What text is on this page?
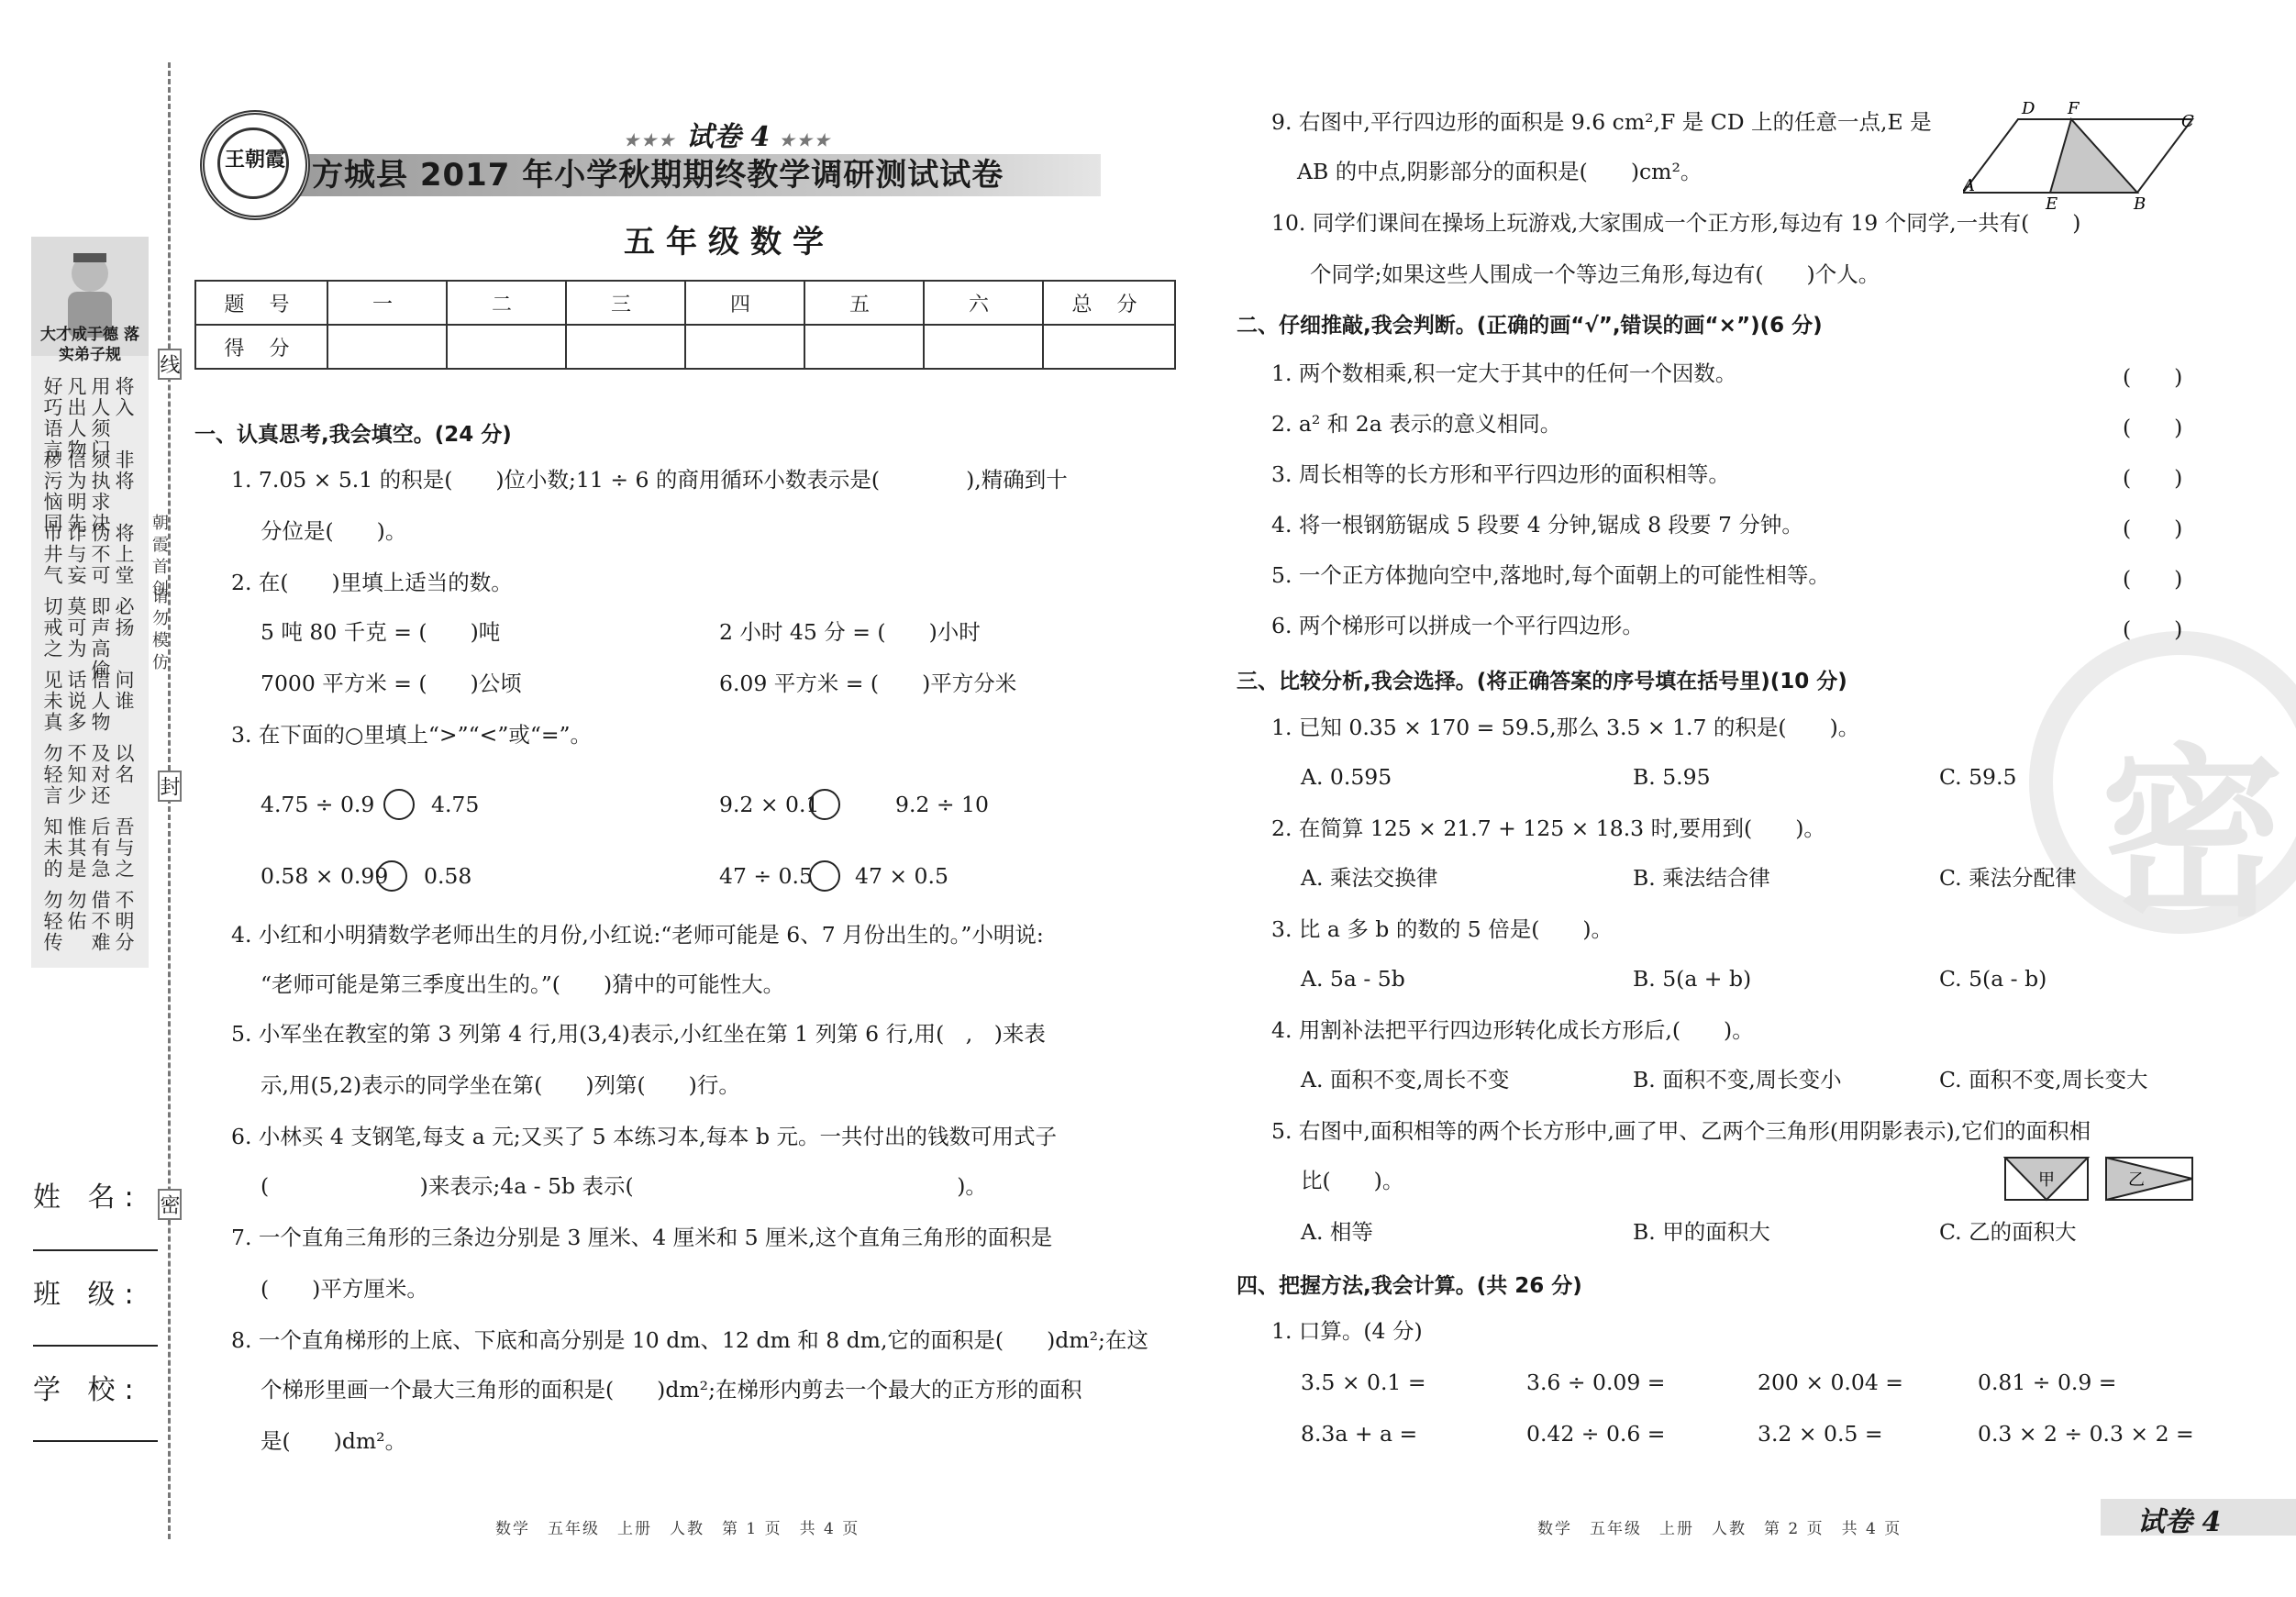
线
封
密
朝霞首创
请勿模仿
大才成于德 落实弟子规
好巧语言 凡出人物 用人须门 将入
秽污恼同 信为明先 须执求决 非将
市井气 诈与妄 伪不可 将上堂
切戒之 莫可为 即声高偷 必扬
见未真 话说多 信人物 问谁
勿轻言 不知少 及对还 以名
知未的 惟其是 后有急 吾与之
勿轻传 勿佑 借不难 不明分
姓 名:
班 级:
学 校:
王朝霞
★★★ 试卷 4 ★★★
方城县 2017 年小学秋期期终教学调研测试试卷
五年级数学
题 号	一	二	三	四	五	六	总 分
得 分							
一、认真思考,我会填空。(24 分)
1. 7.05 × 5.1 的积是(　　)位小数;11 ÷ 6 的商用循环小数表示是(　　　　),精确到十
分位是(　　)。
2. 在(　　)里填上适当的数。
5 吨 80 千克 = (　　)吨	2 小时 45 分 = (　　)小时
7000 平方米 = (　　)公顷	6.09 平方米 = (　　)平方分米
3. 在下面的○里填上“>”“<”或“=”。
4.75 ÷ 0.9	4.75	9.2 × 0.1	9.2 ÷ 10
0.58 × 0.99 0.58	47 ÷ 0.5 47 × 0.5
4. 小红和小明猜数学老师出生的月份,小红说:“老师可能是 6、7 月份出生的。”小明说:
“老师可能是第三季度出生的。”(　　)猜中的可能性大。
5. 小军坐在教室的第 3 列第 4 行,用(3,4)表示,小红坐在第 1 列第 6 行,用(　,　)来表
示,用(5,2)表示的同学坐在第(　　)列第(　　)行。
6. 小林买 4 支钢笔,每支 a 元;又买了 5 本练习本,每本 b 元。一共付出的钱数可用式子
(　　　　　　　)来表示;4a - 5b 表示(　　　　　　　　　　　　　　　)。
7. 一个直角三角形的三条边分别是 3 厘米、4 厘米和 5 厘米,这个直角三角形的面积是
(　　)平方厘米。
8. 一个直角梯形的上底、下底和高分别是 10 dm、12 dm 和 8 dm,它的面积是(　　)dm²;在这
个梯形里画一个最大三角形的面积是(　　)dm²;在梯形内剪去一个最大的正方形的面积
是(　　)dm²。
数学　五年级　上册　人教　第 1 页　共 4 页
9. 右图中,平行四边形的面积是 9.6 cm²,F 是 CD 上的任意一点,E 是
AB 的中点,阴影部分的面积是(　　)cm²。
10. 同学们课间在操场上玩游戏,大家围成一个正方形,每边有 19 个同学,一共有(　　)
个同学;如果这些人围成一个等边三角形,每边有(　　)个人。
D F
C
A
E	B
密
二、仔细推敲,我会判断。(正确的画“√”,错误的画“×”)(6 分)
1. 两个数相乘,积一定大于其中的任何一个因数。	(　　)
2. a² 和 2a 表示的意义相同。	(　　)
3. 周长相等的长方形和平行四边形的面积相等。	(　　)
4. 将一根钢筋锯成 5 段要 4 分钟,锯成 8 段要 7 分钟。	(　　)
5. 一个正方体抛向空中,落地时,每个面朝上的可能性相等。	(　　)
6. 两个梯形可以拼成一个平行四边形。	(　　)
三、比较分析,我会选择。(将正确答案的序号填在括号里)(10 分)
1. 已知 0.35 × 170 = 59.5,那么 3.5 × 1.7 的积是(　　)。
A. 0.595	B. 5.95	C. 59.5
2. 在简算 125 × 21.7 + 125 × 18.3 时,要用到(　　)。
A. 乘法交换律	B. 乘法结合律	C. 乘法分配律
3. 比 a 多 b 的数的 5 倍是(　　)。
A. 5a - 5b	B. 5(a + b)	C. 5(a - b)
4. 用割补法把平行四边形转化成长方形后,(　　)。
A. 面积不变,周长不变	B. 面积不变,周长变小	C. 面积不变,周长变大
5. 右图中,面积相等的两个长方形中,画了甲、乙两个三角形(用阴影表示),它们的面积相
比(　　)。
A. 相等	B. 甲的面积大	C. 乙的面积大
甲	乙
四、把握方法,我会计算。(共 26 分)
1. 口算。(4 分)
3.5 × 0.1 =	3.6 ÷ 0.09 =	200 × 0.04 =	0.81 ÷ 0.9 =
8.3a + a =	0.42 ÷ 0.6 =	3.2 × 0.5 =	0.3 × 2 ÷ 0.3 × 2 =
数学　五年级　上册　人教　第 2 页　共 4 页	试卷 4
